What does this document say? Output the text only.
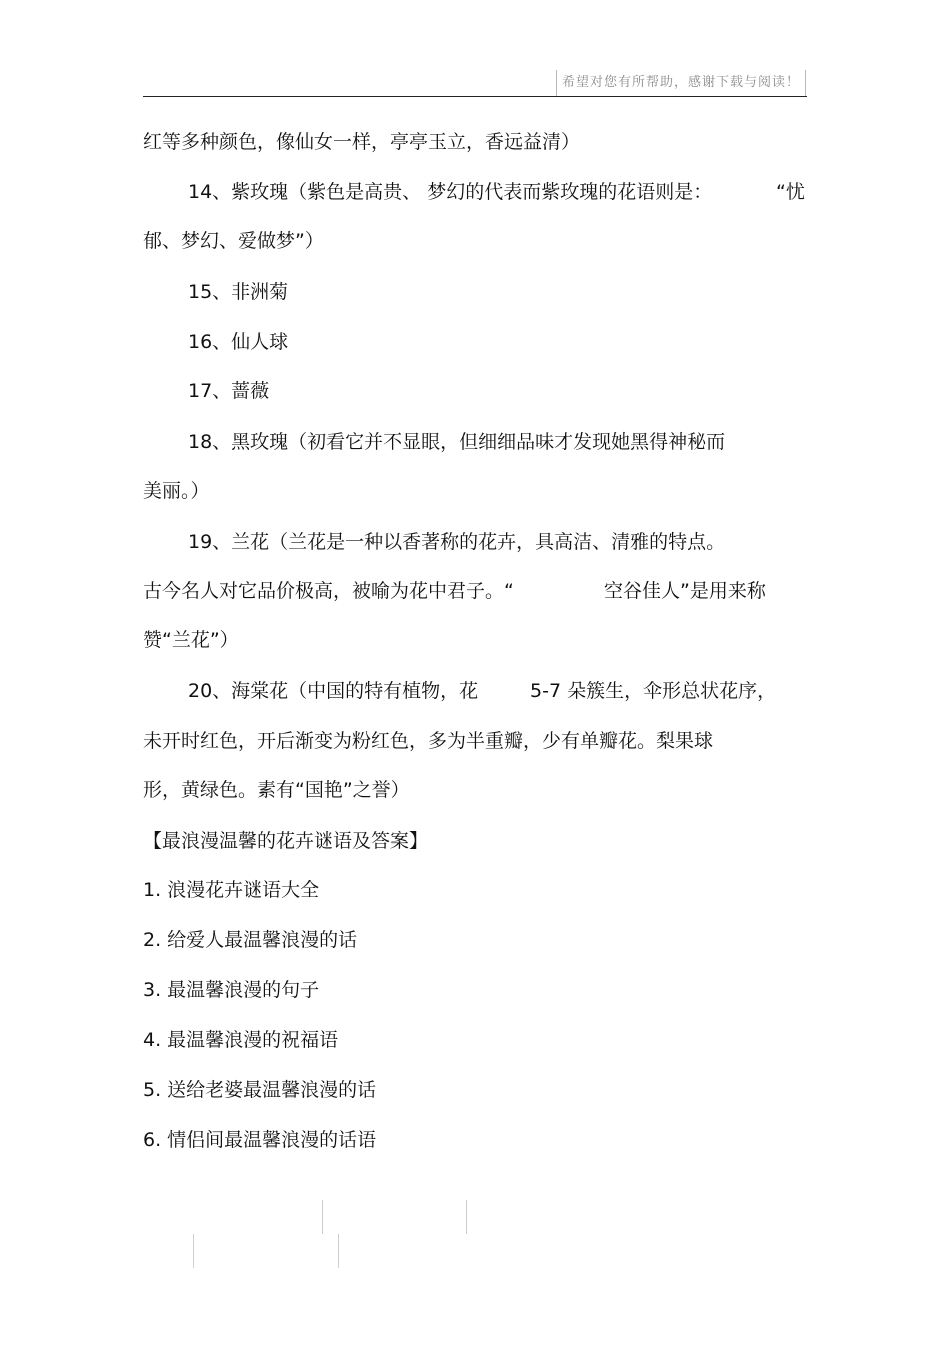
希望对您有所帮助，感谢下载与阅读！

红等多种颜色，像仙女一样，亭亭玉立，香远益清）

14、紫玫瑰（紫色是高贵、 梦幻的代表而紫玫瑰的花语则是：	“忧

郁、梦幻、爱做梦”）

15、非洲菊

16、仙人球

17、蔷薇

18、黑玫瑰（初看它并不显眼，但细细品味才发现她黑得神秘而

美丽。）

19、兰花（兰花是一种以香著称的花卉，具高洁、清雅的特点。

古今名人对它品价极高，被喻为花中君子。“	空谷佳人”是用来称

赞“兰花”）

20、海棠花（中国的特有植物，花	5-7 朵簇生，伞形总状花序，

未开时红色，开后渐变为粉红色，多为半重瓣，少有单瓣花。梨果球

形，黄绿色。素有“国艳”之誉）

【最浪漫温馨的花卉谜语及答案】

1. 浪漫花卉谜语大全

2. 给爱人最温馨浪漫的话

3. 最温馨浪漫的句子

4. 最温馨浪漫的祝福语

5. 送给老婆最温馨浪漫的话

6. 情侣间最温馨浪漫的话语
